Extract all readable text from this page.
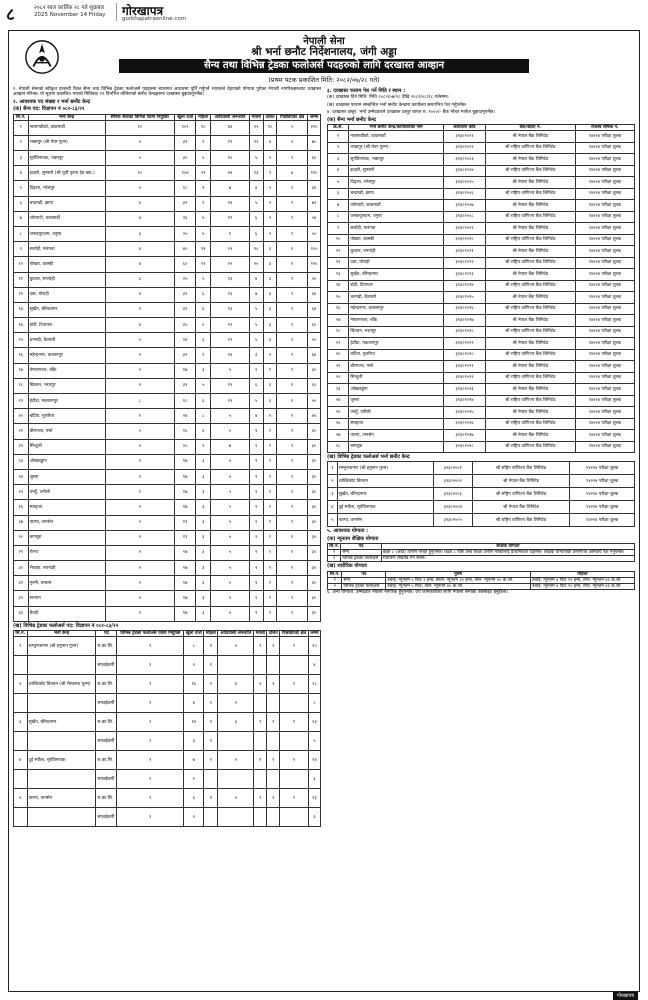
८	२०८२ साल कार्तिक २८ गते शुक्रबार
2025 November 14 Friday गोरखापत्र
gorkhapatraonline.com
नेपाली सेना
श्री भर्ना छनौट निर्देशनालय, जंगी अड्डा
सैन्य तथा विभिन्न ट्रेडका फलोअर्स पदहरुको लागि दरखास्त आव्हान
(प्रथम पटक प्रकाशित मिति: २०८२/०७/२८ गते)

१. नेपाली सेनाको स्वीकृत दरबन्दी रिक्त सैन्य तथा विभिन्न ट्रेडका फलोअर्स पदहरुमा ब्याचगत आधारमा पूर्ति गर्नुपर्ने भएकाले देहायको योग्यता पुगेका नेपाली नागरिकहरुबाट दरखास्त आव्हान गरिन्छ। यो सूचना प्रकाशित भएको मितिबाट २१ दिनभित्र तोकिएको छनौट केन्द्रहरुमा दरखास्त बुझाउनुपर्नेछ।

२. आवश्यक पद संख्या र भर्ना छनौट केन्द्र
(क) सैन्य पद: विज्ञापन नं ०८२-८३/२१
सि.नं.	भर्ना केन्द्र	सैनिक सेवाका विभिन्न पदमा नियुक्ति	खुला दर्जा	महिला	आदिवासी जनजाति	मधेशी	दलित	पिछडिएको क्षेत्र	जम्मा
१	नालागडीको, काठमाडौं	१०	१०९	१०	४४	२२	१०	५	२१०
२	भक्तपुर (श्री मेयर गुल्म)	२	३१	१	१९	१२	४	२	७०
३	सूर्यविनायक, भक्तपुर	५	३५	५	१०	५	२	१	६०
४	इटहरी, सुनसरी (श्री पूर्वी पृतना हेड क्वा.)	१०	१०४	२१	२४	१३	९	४	१२०
५	दिङ्ला, भोजपुर	२	१८	२	७	४	२	१	३६
६	चन्द्रगढी, झापा	४	३२	९	१४	५	२	१	७२
७	जोरपाटी, काठमाडौं	४	२६	५	११	६	२	१	५४
८	जनकपुरधाम, धनुषा	३	२५	५	९	६	२	१	५०
९	सर्लाही, मलंगवा	४	४०	१२	२२	२०	३	१	१००
१०	पोखरा, कास्की	४	६०	१२	२२	२०	३	१	१२०
११	बुटवल, रुपन्देही	३	२५	५	१३	४	३	१	५०
१२	दाङ, घोराही	४	३२	६	१३	७	३	१	६४
१३	सुर्खेत, बीरेन्द्रनगर	२	३२	६	१३	५	३	१	६४
१४	डोटी, दिपायल	४	३५	५	१२	५	३	१	६०
१५	धनगढी, कैलाली	५	२४	६	१२	५	३	१	५०
१६	महेन्द्रनगर, कञ्चनपुर	२	३२	९	१४	३	२	१	६४
१७	नेपालगञ्ज, बाँके	२	१७	३	५	२	१	१	३०
१८	चितवन, भरतपुर	२	३२	५	१२	६	३	१	६०
१९	हेटौंडा, मकवानपुर	८	१८	६	१२	५	३	१	५०
२०	बर्दिया, गुलरिया	१	२४	८	५	४	२	१	४५
२१	बीरगञ्ज, पर्सा	५	१६	४	५	२	१	१	३०
२२	सिन्धुली	२	२०	२	७	२	१	१	३०
२३	ओखलढुंगा	२	१७	३	५	२	१	१	३०
२४	जुम्ला	२	१७	३	५	२	१	१	३०
२५	तनहुँ, दमौली	१	१७	३	५	२	१	१	३०
२६	स्याङ्जा	२	१७	३	५	२	१	१	३०
२७	पाल्पा, तानसेन	२	१९	३	५	२	१	१	३०
२८	बागलुङ	२	१९	३	५	२	१	१	३०
२९	रोल्पा	२	१७	३	५	२	१	१	३०
३०	भैरहवा, रुपन्देही	२	१७	३	५	२	१	१	३०
३१	गुल्मी, तम्घास	२	१७	३	५	२	१	१	३०
३२	सल्यान	२	१७	३	५	२	१	१	३०
३३	बैतडी	२	१७	३	५	२	१	१	३०
(ख) विभिन्न ट्रेडका फलोअर्स पद: विज्ञापन नं ०८२-८३/२२
सि.नं.	भर्ना केन्द्र	पद	विभिन्न ट्रेडका फलोअर्स पदमा नियुक्ति	खुला दर्जा	महिला	आदिवासी जनजाति	मधेशी	दलित	पिछडिएको क्षेत्र	जम्मा
१	सम्भुनाथगण (श्री हनुमान गुल्म)	स.का.सि.	१	८	१	२	१	१	१	१०
		सफाईकर्मी	१	२	१					४
२	शाल्डिकोट चितवन (श्री भैरवनाथ गुल्म)	स.का.सि.	१	१६	२	४	२	२	१	२८
		सफाईकर्मी	१	४	१	२				८
३	सुर्खेत, बीरेन्द्रनगर	स.का.सि.	२	१४	१	३	१	१	१	२३
		सफाईकर्मी	१	३	१					५
४	दुई स्याँला, सूर्यविनायक	स.का.सि.	१	७	१	२	१	१	१	१४
		सफाईकर्मी	१	२						३
५	पाल्पा, तानसेन	स.का.सि.	१	६	१	२	१	१	१	१३
		सफाईकर्मी	१	२						३
३. दरखास्त फाराम पेश गर्ने मिति र स्थान :

(क) दरखास्त दिने मिति: मिति २०८२/०७/२८ देखि २०८२/०८/१८ गतेसम्म।

(ख) दरखास्त फाराम सम्बन्धित भर्ना छनौट केन्द्रमा कार्यालय समयभित्र पेश गर्नुपर्नेछ।

४. दरखास्त दस्तुर: भर्ना उम्मेदवारले दरखास्त दस्तुर बापत रु. १०००/- बैंक भौचर मार्फत बुझाउनुपर्नेछ।

(क) सैन्य भर्ना छनौट केन्द्र
क्र.सं.	भर्ना छनौट केन्द्र/कार्यालयको नाम	कार्यालय कोड	बैंक/खाता नं.	राजस्व शीर्षक नं.
१	नालागडीको, काठमाडौं	३२३०१००१	श्री नेपाल बैंक लिमिटेड	१४२२४ परीक्षा शुल्क
२	भक्तपुर (श्री मेयर गुल्म)	३२३०१००२	श्री राष्ट्रिय वाणिज्य बैंक लिमिटेड	१४२२४ परीक्षा शुल्क
३	सूर्यविनायक, भक्तपुर	३२३०१००३	श्री नेपाल बैंक लिमिटेड	१४२२४ परीक्षा शुल्क
४	इटहरी, सुनसरी	३२३०१००४	श्री राष्ट्रिय वाणिज्य बैंक लिमिटेड	१४२२४ परीक्षा शुल्क
५	दिङ्ला, भोजपुर	३२३०१००५	श्री नेपाल बैंक लिमिटेड	१४२२४ परीक्षा शुल्क
६	चन्द्रगढी, झापा	३२३०१००६	श्री राष्ट्रिय वाणिज्य बैंक लिमिटेड	१४२२४ परीक्षा शुल्क
७	जोरपाटी, काठमाडौं	३२३०१००७	श्री नेपाल बैंक लिमिटेड	१४२२४ परीक्षा शुल्क
८	जनकपुरधाम, धनुषा	३२३०१००८	श्री राष्ट्रिय वाणिज्य बैंक लिमिटेड	१४२२४ परीक्षा शुल्क
९	सर्लाही, मलंगवा	३२३०१००९	श्री नेपाल बैंक लिमिटेड	१४२२४ परीक्षा शुल्क
१०	पोखरा, कास्की	३२३०१०१०	श्री राष्ट्रिय वाणिज्य बैंक लिमिटेड	१४२२४ परीक्षा शुल्क
११	बुटवल, रुपन्देही	३२३०१०११	श्री नेपाल बैंक लिमिटेड	१४२२४ परीक्षा शुल्क
१२	दाङ, घोराही	३२३०१०१२	श्री राष्ट्रिय वाणिज्य बैंक लिमिटेड	१४२२४ परीक्षा शुल्क
१३	सुर्खेत, बीरेन्द्रनगर	३२३०१०१३	श्री नेपाल बैंक लिमिटेड	१४२२४ परीक्षा शुल्क
१४	डोटी, दिपायल	३२३०१०१४	श्री राष्ट्रिय वाणिज्य बैंक लिमिटेड	१४२२४ परीक्षा शुल्क
१५	धनगढी, कैलाली	३२३०१०१५	श्री नेपाल बैंक लिमिटेड	१४२२४ परीक्षा शुल्क
१६	महेन्द्रनगर, कञ्चनपुर	३२३०१०१६	श्री राष्ट्रिय वाणिज्य बैंक लिमिटेड	१४२२४ परीक्षा शुल्क
१७	नेपालगञ्ज, बाँके	३२३०१०१७	श्री नेपाल बैंक लिमिटेड	१४२२४ परीक्षा शुल्क
१८	चितवन, भरतपुर	३२३०१०१८	श्री राष्ट्रिय वाणिज्य बैंक लिमिटेड	१४२२४ परीक्षा शुल्क
१९	हेटौंडा, मकवानपुर	३२३०१०१९	श्री नेपाल बैंक लिमिटेड	१४२२४ परीक्षा शुल्क
२०	बर्दिया, गुलरिया	३२३०१०२०	श्री राष्ट्रिय वाणिज्य बैंक लिमिटेड	१४२२४ परीक्षा शुल्क
२१	बीरगञ्ज, पर्सा	३२३०१०२१	श्री नेपाल बैंक लिमिटेड	१४२२४ परीक्षा शुल्क
२२	सिन्धुली	३२३०१०२२	श्री राष्ट्रिय वाणिज्य बैंक लिमिटेड	१४२२४ परीक्षा शुल्क
२३	ओखलढुंगा	३२३०१०२३	श्री नेपाल बैंक लिमिटेड	१४२२४ परीक्षा शुल्क
२४	जुम्ला	३२३०१०२४	श्री राष्ट्रिय वाणिज्य बैंक लिमिटेड	१४२२४ परीक्षा शुल्क
२५	तनहुँ, दमौली	३२३०१०२५	श्री नेपाल बैंक लिमिटेड	१४२२४ परीक्षा शुल्क
२६	स्याङ्जा	३२३०१०२६	श्री राष्ट्रिय वाणिज्य बैंक लिमिटेड	१४२२४ परीक्षा शुल्क
२७	पाल्पा, तानसेन	३२३०१०२७	श्री नेपाल बैंक लिमिटेड	१४२२४ परीक्षा शुल्क
२८	बागलुङ	३२३०१०२८	श्री राष्ट्रिय वाणिज्य बैंक लिमिटेड	१४२२४ परीक्षा शुल्क
(ख) विभिन्न ट्रेडका फलोअर्स भर्ना छनौट केन्द्र
१	सम्भुनाथगण (श्री हनुमान गुल्म)	३२३०२००१	श्री राष्ट्रिय वाणिज्य बैंक लिमिटेड	१४२२४ परीक्षा शुल्क
२	शाल्डिकोट चितवन	३२३०२००२	श्री नेपाल बैंक लिमिटेड	१४२२४ परीक्षा शुल्क
३	सुर्खेत, बीरेन्द्रनगर	३२३०२००३	श्री राष्ट्रिय वाणिज्य बैंक लिमिटेड	१४२२४ परीक्षा शुल्क
४	दुई स्याँला, सूर्यविनायक	३२३०२००४	श्री नेपाल बैंक लिमिटेड	१४२२४ परीक्षा शुल्क
५	पाल्पा, तानसेन	३२३०२००५	श्री राष्ट्रिय वाणिज्य बैंक लिमिटेड	१४२२४ परीक्षा शुल्क
५. आवश्यक योग्यता :
(क) न्यूनतम शैक्षिक योग्यता
सि.नं.	पद	शैक्षिक योग्यता
१	सैन्य	कक्षा ८ (आठ) उत्तीर्ण गरेको हुनुपर्नेछ। कक्षा ८ पछि उच्च शिक्षा उत्तीर्ण गरेकालाई प्राथमिकता दिइनेछ। शैक्षिक योग्यताको प्रमाणपत्र अनिवार्य पेश गर्नुपर्नेछ।
२	विभिन्न ट्रेडका फलोअर्स	साधारण लेखपढ गर्न सक्ने।
(ख) शारीरिक योग्यता
सि.नं.	पद	पुरुष	महिला
१	सैन्य	उचाई: न्यूनतम ५ फिट २ इन्च, छाती: न्यूनतम ३० इन्च, तौल: न्यूनतम ५० के.जी.	उचाई: न्यूनतम ४ फिट ११ इन्च, तौल: न्यूनतम ४६ के.जी.
२	विभिन्न ट्रेडका फलोअर्स	उचाई: न्यूनतम ५ फिट, तौल: न्यूनतम ४५ के.जी.	उचाई: न्यूनतम ४ फिट १० इन्च, तौल: न्यूनतम ४३ के.जी.

६. अन्य योग्यता: उम्मेदवार नेपाली नागरिक हुनुपर्नेछ। थप जानकारीका लागि नेपाली सेनाको वेबसाइट हेर्नुहोला।

गोरखापत्र
